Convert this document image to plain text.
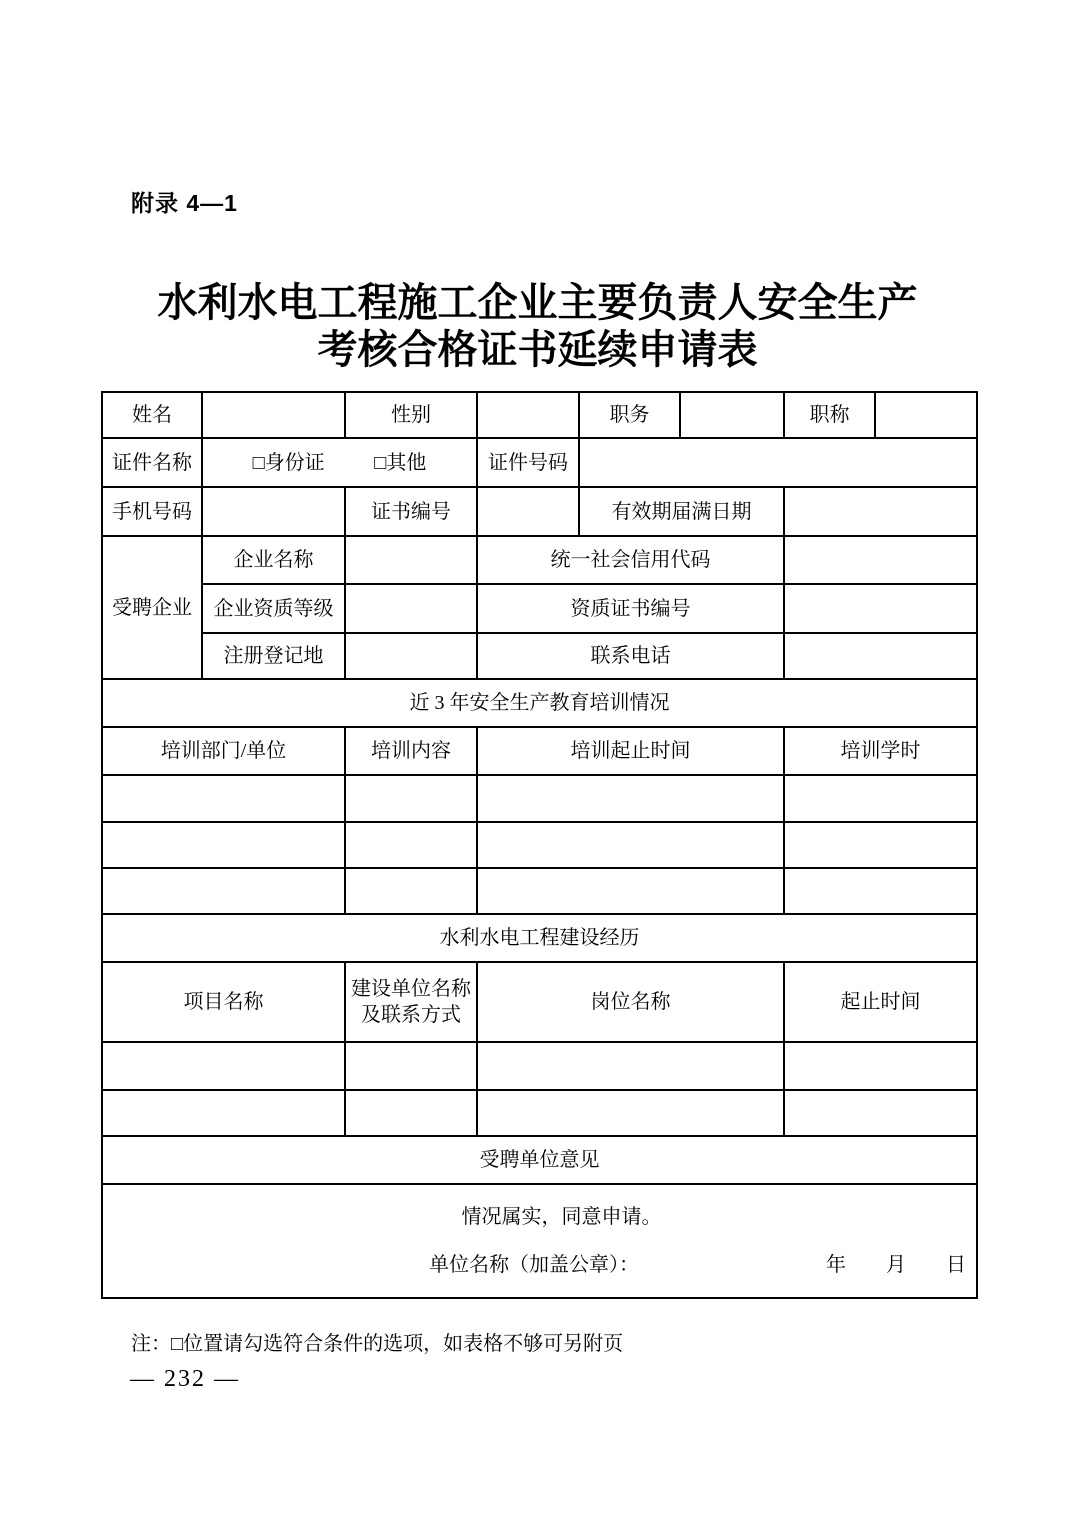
附录 4—1
水利水电工程施工企业主要负责人安全生产
考核合格证书延续申请表
姓名		性别		职务		职称	
证件名称	□身份证 □其他		证件号码				
手机号码		证书编号		有效期届满日期			
受聘企业	企业名称		统一社会信用代码				
	企业资质等级		资质证书编号				
	注册登记地		联系电话				
近 3 年安全生产教育培训情况							
培训部门/单位		培训内容	培训起止时间			培训学时	

水利水电工程建设经历							
项目名称		建设单位名称及联系方式	岗位名称			起止时间	

受聘单位意见							

情况属实，同意申请。
单位名称（加盖公章）： 年 月 日							
注：□位置请勾选符合条件的选项，如表格不够可另附页
— 232 —
